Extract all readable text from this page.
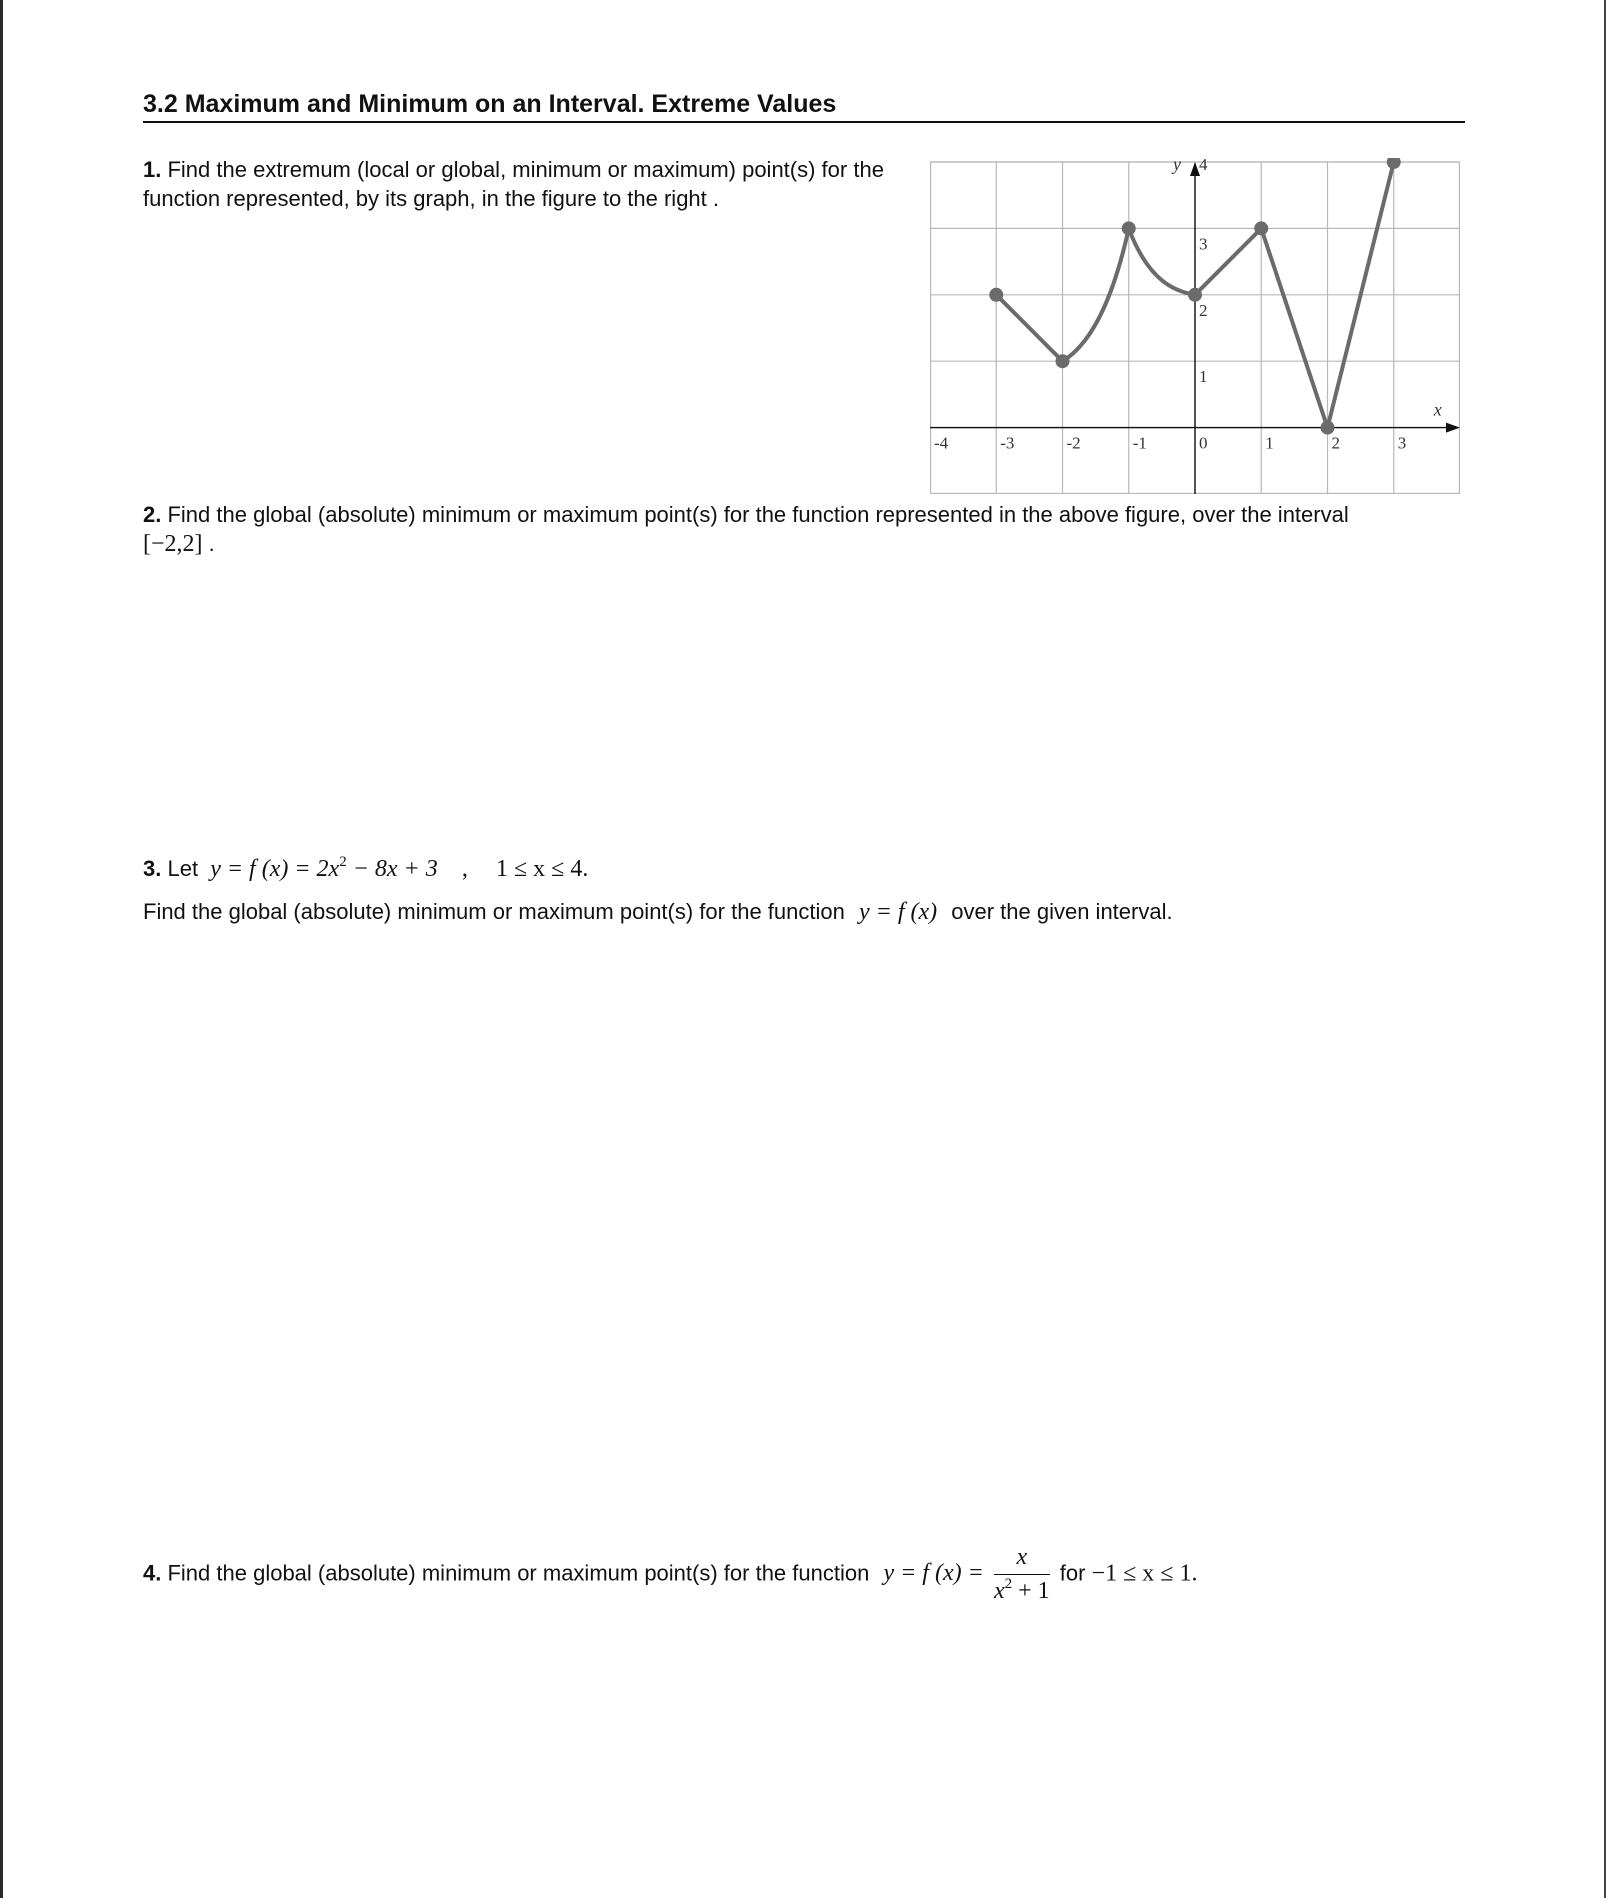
3.2 Maximum and Minimum on an Interval. Extreme Values
1. Find the extremum (local or global, minimum or maximum) point(s) for the function represented, by its graph, in the figure to the right .
x
y
-4	-3	-2	-1	0	1	2	3
1
2
3
4
2. Find the global (absolute) minimum or maximum point(s) for the function represented in the above figure, over the interval
[−2,2] .
3. Let y = f $(x) = 2x^2 - 8x + 3$ , 1 ≤ x ≤ 4.
Find the global (absolute) minimum or maximum point(s) for the function y = f (x) over the given interval.
4. Find the global (absolute) minimum or maximum point(s) for the function y = f $(x) = \frac{x}{x^2 + 1}$ for −1 ≤ x ≤ 1.
